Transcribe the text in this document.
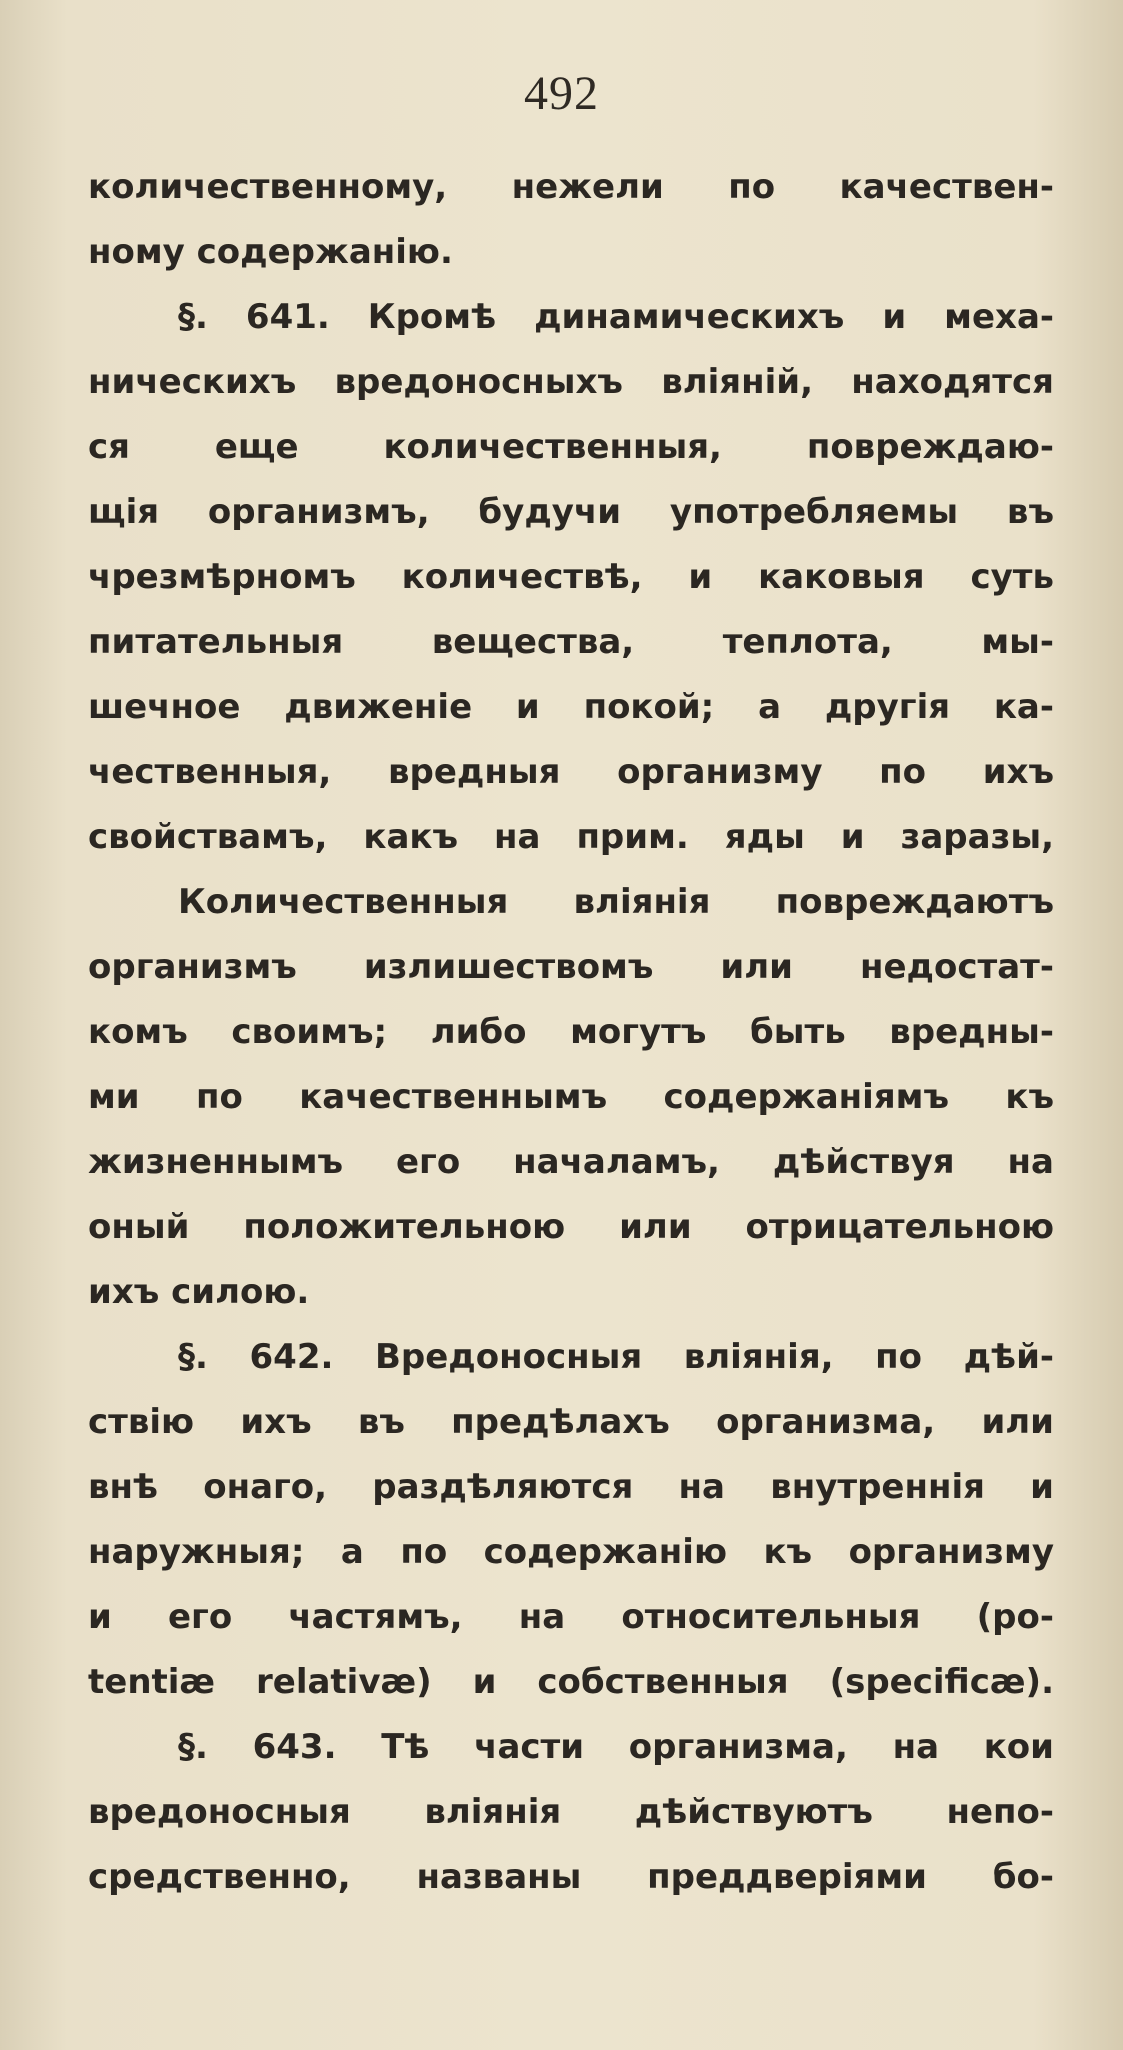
492
количественному, нежели по качествен-
ному содержанію.
§. 641. Кромѣ динамическихъ и меха-
ническихъ вредоносныхъ вліяній, находятся
ся еще количественныя, повреждаю-
щія организмъ, будучи употребляемы въ
чрезмѣрномъ количествѣ, и каковыя суть
питательныя вещества, теплота, мы-
шечное движеніе и покой; а другія ка-
чественныя, вредныя организму по ихъ
свойствамъ, какъ на прим. яды и заразы,
Количественныя вліянія повреждаютъ
организмъ излишествомъ или недостат-
комъ своимъ; либо могутъ быть вредны-
ми по качественнымъ содержаніямъ къ
жизненнымъ его началамъ, дѣйствуя на
оный положительною или отрицательною
ихъ силою.
§. 642. Вредоносныя вліянія, по дѣй-
ствію ихъ въ предѣлахъ организма, или
внѣ онаго, раздѣляются на внутреннія и
наружныя; а по содержанію къ организму
и его частямъ, на относительныя (po-
tentiæ relativæ) и собственныя (specificæ).
§. 643. Тѣ части организма, на кои
вредоносныя вліянія дѣйствуютъ непо-
средственно, названы преддверіями бо-
